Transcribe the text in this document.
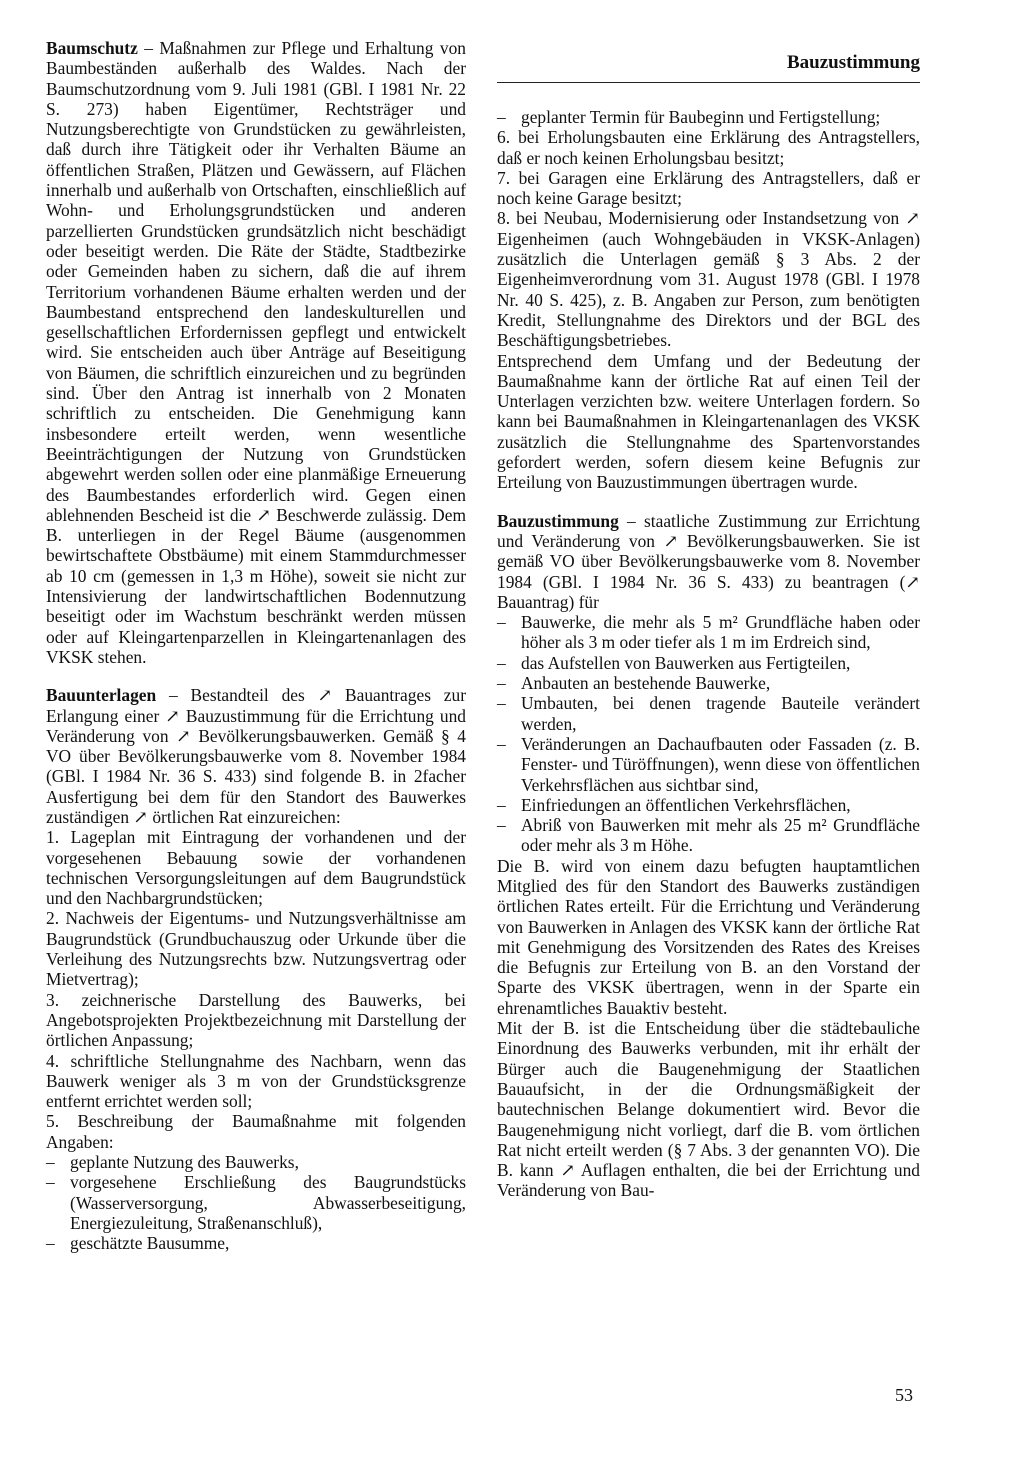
Bauzustimmung

Baumschutz – Maßnahmen zur Pflege und Erhaltung von Baumbeständen außerhalb des Waldes. Nach der Baumschutzordnung vom 9. Juli 1981 (GBl. I 1981 Nr. 22 S. 273) haben Eigentümer, Rechtsträger und Nutzungsberechtigte von Grundstücken zu gewährleisten, daß durch ihre Tätigkeit oder ihr Verhalten Bäume an öffentlichen Straßen, Plätzen und Gewässern, auf Flächen innerhalb und außerhalb von Ortschaften, einschließlich auf Wohn- und Erholungsgrundstücken und anderen parzellierten Grundstücken grundsätzlich nicht beschädigt oder beseitigt werden. Die Räte der Städte, Stadtbezirke oder Gemeinden haben zu sichern, daß die auf ihrem Territorium vorhandenen Bäume erhalten werden und der Baumbestand entsprechend den landeskulturellen und gesellschaftlichen Erfordernissen gepflegt und entwickelt wird. Sie entscheiden auch über Anträge auf Beseitigung von Bäumen, die schriftlich einzureichen und zu begründen sind. Über den Antrag ist innerhalb von 2 Monaten schriftlich zu entscheiden. Die Genehmigung kann insbesondere erteilt werden, wenn wesentliche Beeinträchtigungen der Nutzung von Grundstücken abgewehrt werden sollen oder eine planmäßige Erneuerung des Baumbestandes erforderlich wird. Gegen einen ablehnenden Bescheid ist die ↗ Beschwerde zulässig. Dem B. unterliegen in der Regel Bäume (ausgenommen bewirtschaftete Obstbäume) mit einem Stammdurchmesser ab 10 cm (gemessen in 1,3 m Höhe), soweit sie nicht zur Intensivierung der landwirtschaftlichen Bodennutzung beseitigt oder im Wachstum beschränkt werden müssen oder auf Kleingartenparzellen in Kleingartenanlagen des VKSK stehen.

Bauunterlagen – Bestandteil des ↗ Bauantrages zur Erlangung einer ↗ Bauzustimmung für die Errichtung und Veränderung von ↗ Bevölkerungsbauwerken. Gemäß § 4 VO über Bevölkerungsbauwerke vom 8. November 1984 (GBl. I 1984 Nr. 36 S. 433) sind folgende B. in 2facher Ausfertigung bei dem für den Standort des Bauwerkes zuständigen ↗ örtlichen Rat einzureichen:

1. Lageplan mit Eintragung der vorhandenen und der vorgesehenen Bebauung sowie der vorhandenen technischen Versorgungsleitungen auf dem Baugrundstück und den Nachbargrundstücken;

2. Nachweis der Eigentums- und Nutzungsverhältnisse am Baugrundstück (Grundbuchauszug oder Urkunde über die Verleihung des Nutzungsrechts bzw. Nutzungsvertrag oder Mietvertrag);

3. zeichnerische Darstellung des Bauwerks, bei Angebotsprojekten Projektbezeichnung mit Darstellung der örtlichen Anpassung;

4. schriftliche Stellungnahme des Nachbarn, wenn das Bauwerk weniger als 3 m von der Grundstücksgrenze entfernt errichtet werden soll;

5. Beschreibung der Baumaßnahme mit folgenden Angaben:

– geplante Nutzung des Bauwerks,

– vorgesehene Erschließung des Baugrundstücks (Wasserversorgung, Abwasserbeseitigung, Energiezuleitung, Straßenanschluß),

– geschätzte Bausumme,

– geplanter Termin für Baubeginn und Fertigstellung;

6. bei Erholungsbauten eine Erklärung des Antragstellers, daß er noch keinen Erholungsbau besitzt;

7. bei Garagen eine Erklärung des Antragstellers, daß er noch keine Garage besitzt;

8. bei Neubau, Modernisierung oder Instandsetzung von ↗ Eigenheimen (auch Wohngebäuden in VKSK-Anlagen) zusätzlich die Unterlagen gemäß § 3 Abs. 2 der Eigenheimverordnung vom 31. August 1978 (GBl. I 1978 Nr. 40 S. 425), z. B. Angaben zur Person, zum benötigten Kredit, Stellungnahme des Direktors und der BGL des Beschäftigungsbetriebes.

Entsprechend dem Umfang und der Bedeutung der Baumaßnahme kann der örtliche Rat auf einen Teil der Unterlagen verzichten bzw. weitere Unterlagen fordern. So kann bei Baumaßnahmen in Kleingartenanlagen des VKSK zusätzlich die Stellungnahme des Spartenvorstandes gefordert werden, sofern diesem keine Befugnis zur Erteilung von Bauzustimmungen übertragen wurde.

Bauzustimmung – staatliche Zustimmung zur Errichtung und Veränderung von ↗ Bevölkerungsbauwerken. Sie ist gemäß VO über Bevölkerungsbauwerke vom 8. November 1984 (GBl. I 1984 Nr. 36 S. 433) zu beantragen (↗ Bauantrag) für

– Bauwerke, die mehr als 5 m² Grundfläche haben oder höher als 3 m oder tiefer als 1 m im Erdreich sind,

– das Aufstellen von Bauwerken aus Fertigteilen,

– Anbauten an bestehende Bauwerke,

– Umbauten, bei denen tragende Bauteile verändert werden,

– Veränderungen an Dachaufbauten oder Fassaden (z. B. Fenster- und Türöffnungen), wenn diese von öffentlichen Verkehrsflächen aus sichtbar sind,

– Einfriedungen an öffentlichen Verkehrsflächen,

– Abriß von Bauwerken mit mehr als 25 m² Grundfläche oder mehr als 3 m Höhe.

Die B. wird von einem dazu befugten hauptamtlichen Mitglied des für den Standort des Bauwerks zuständigen örtlichen Rates erteilt. Für die Errichtung und Veränderung von Bauwerken in Anlagen des VKSK kann der örtliche Rat mit Genehmigung des Vorsitzenden des Rates des Kreises die Befugnis zur Erteilung von B. an den Vorstand der Sparte des VKSK übertragen, wenn in der Sparte ein ehrenamtliches Bauaktiv besteht.

Mit der B. ist die Entscheidung über die städtebauliche Einordnung des Bauwerks verbunden, mit ihr erhält der Bürger auch die Baugenehmigung der Staatlichen Bauaufsicht, in der die Ordnungsmäßigkeit der bautechnischen Belange dokumentiert wird. Bevor die Baugenehmigung nicht vorliegt, darf die B. vom örtlichen Rat nicht erteilt werden (§ 7 Abs. 3 der genannten VO). Die B. kann ↗ Auflagen enthalten, die bei der Errichtung und Veränderung von Bau-

53
